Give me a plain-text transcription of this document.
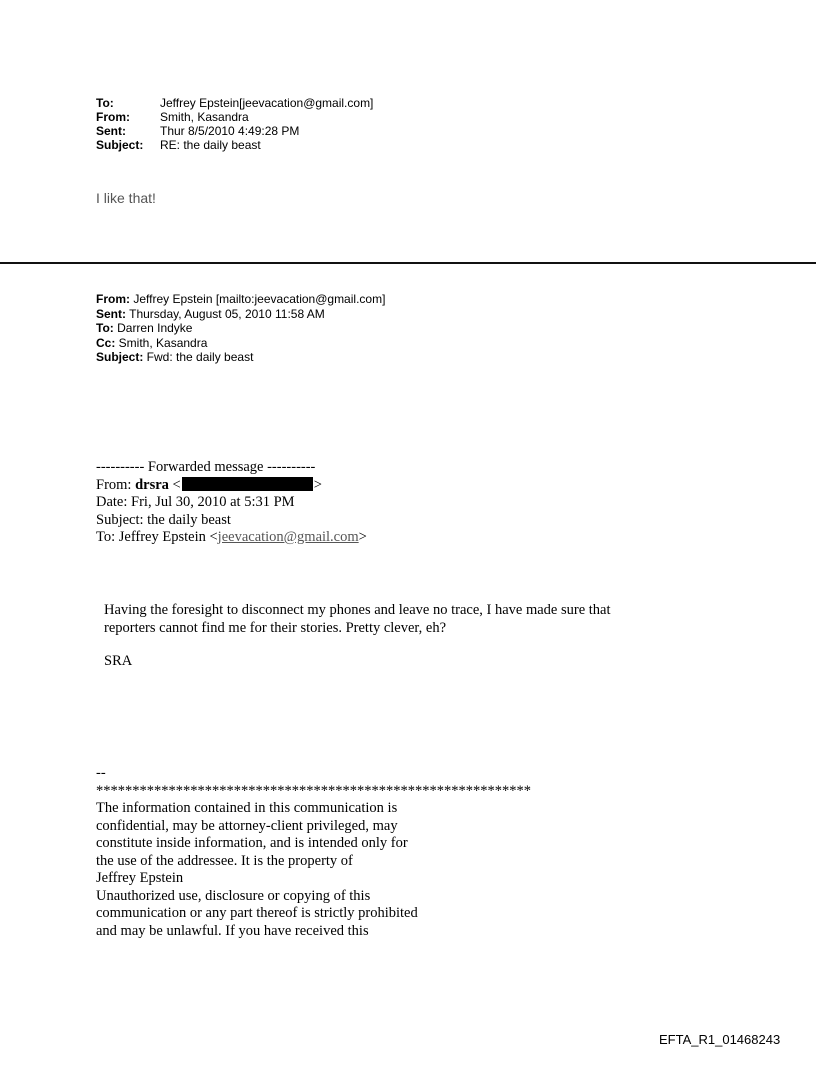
To:	Jeffrey Epstein[jeevacation@gmail.com]
From:	Smith, Kasandra
Sent:	Thur 8/5/2010 4:49:28 PM
Subject:	RE: the daily beast
I like that!
From: Jeffrey Epstein [mailto:jeevacation@gmail.com]
Sent: Thursday, August 05, 2010 11:58 AM
To: Darren Indyke
Cc: Smith, Kasandra
Subject: Fwd: the daily beast
---------- Forwarded message ----------
From: drsra <	>
Date: Fri, Jul 30, 2010 at 5:31 PM
Subject: the daily beast
To: Jeffrey Epstein <jeevacation@gmail.com>
Having the foresight to disconnect my phones and leave no trace, I have made sure that
reporters cannot find me for their stories. Pretty clever, eh?
SRA
--
************************************************************
The information contained in this communication is
confidential, may be attorney-client privileged, may
constitute inside information, and is intended only for
the use of the addressee. It is the property of
Jeffrey Epstein
Unauthorized use, disclosure or copying of this
communication or any part thereof is strictly prohibited
and may be unlawful. If you have received this
EFTA_R1_01468243
